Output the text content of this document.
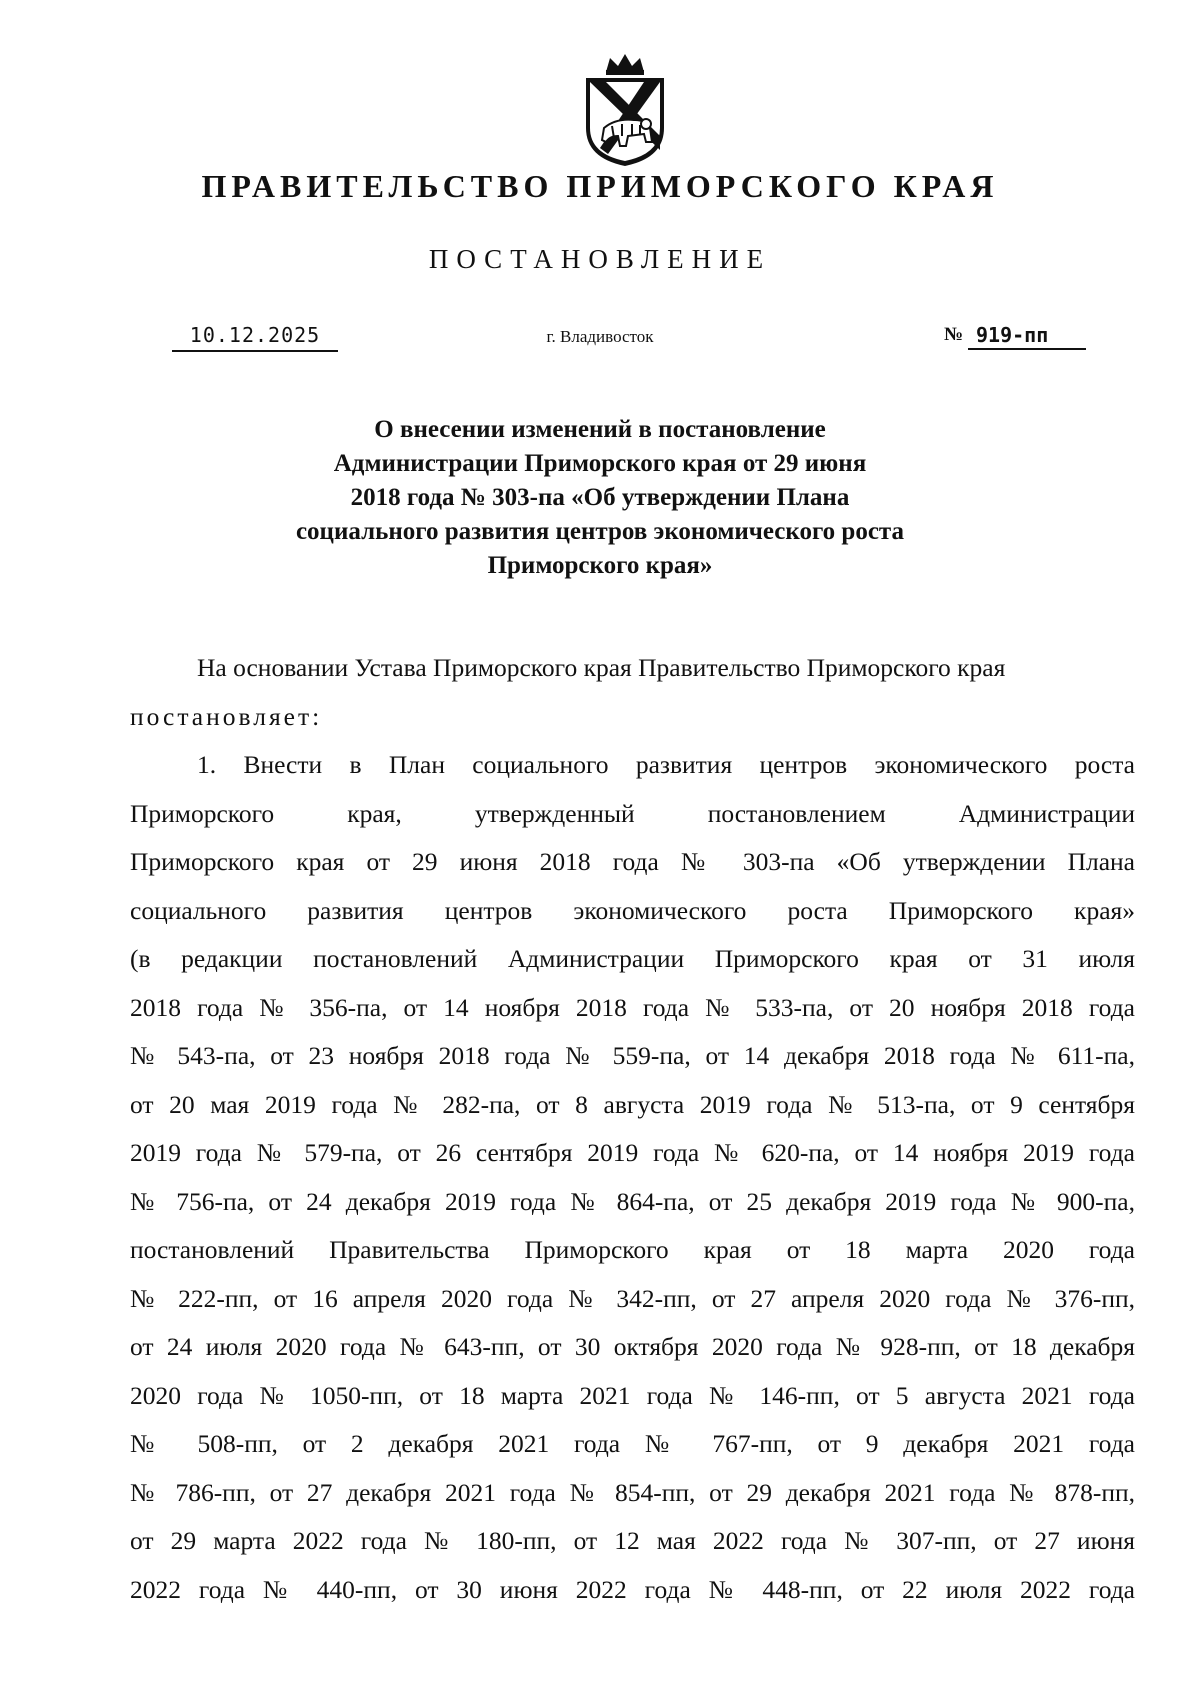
ПРАВИТЕЛЬСТВО ПРИМОРСКОГО КРАЯ
ПОСТАНОВЛЕНИЕ
10.12.2025	г. Владивосток	№ 919-пп
О внесении изменений в постановление
Администрации Приморского края от 29 июня
2018 года № 303-па «Об утверждении Плана
социального развития центров экономического роста
Приморского края»
На основании Устава Приморского края Правительство Приморского края
постановляет:
1. Внести в План социального развития центров экономического роста
Приморского края, утвержденный постановлением Администрации
Приморского края от 29 июня 2018 года № 303-па «Об утверждении Плана
социального развития центров экономического роста Приморского края»
(в редакции постановлений Администрации Приморского края от 31 июля
2018 года № 356-па, от 14 ноября 2018 года № 533-па, от 20 ноября 2018 года
№ 543-па, от 23 ноября 2018 года № 559-па, от 14 декабря 2018 года № 611-па,
от 20 мая 2019 года № 282-па, от 8 августа 2019 года № 513-па, от 9 сентября
2019 года № 579-па, от 26 сентября 2019 года № 620-па, от 14 ноября 2019 года
№ 756-па, от 24 декабря 2019 года № 864-па, от 25 декабря 2019 года № 900-па,
постановлений Правительства Приморского края от 18 марта 2020 года
№ 222-пп, от 16 апреля 2020 года № 342-пп, от 27 апреля 2020 года № 376-пп,
от 24 июля 2020 года № 643-пп, от 30 октября 2020 года № 928-пп, от 18 декабря
2020 года № 1050-пп, от 18 марта 2021 года № 146-пп, от 5 августа 2021 года
№ 508-пп, от 2 декабря 2021 года № 767-пп, от 9 декабря 2021 года
№ 786-пп, от 27 декабря 2021 года № 854-пп, от 29 декабря 2021 года № 878-пп,
от 29 марта 2022 года № 180-пп, от 12 мая 2022 года № 307-пп, от 27 июня
2022 года № 440-пп, от 30 июня 2022 года № 448-пп, от 22 июля 2022 года
